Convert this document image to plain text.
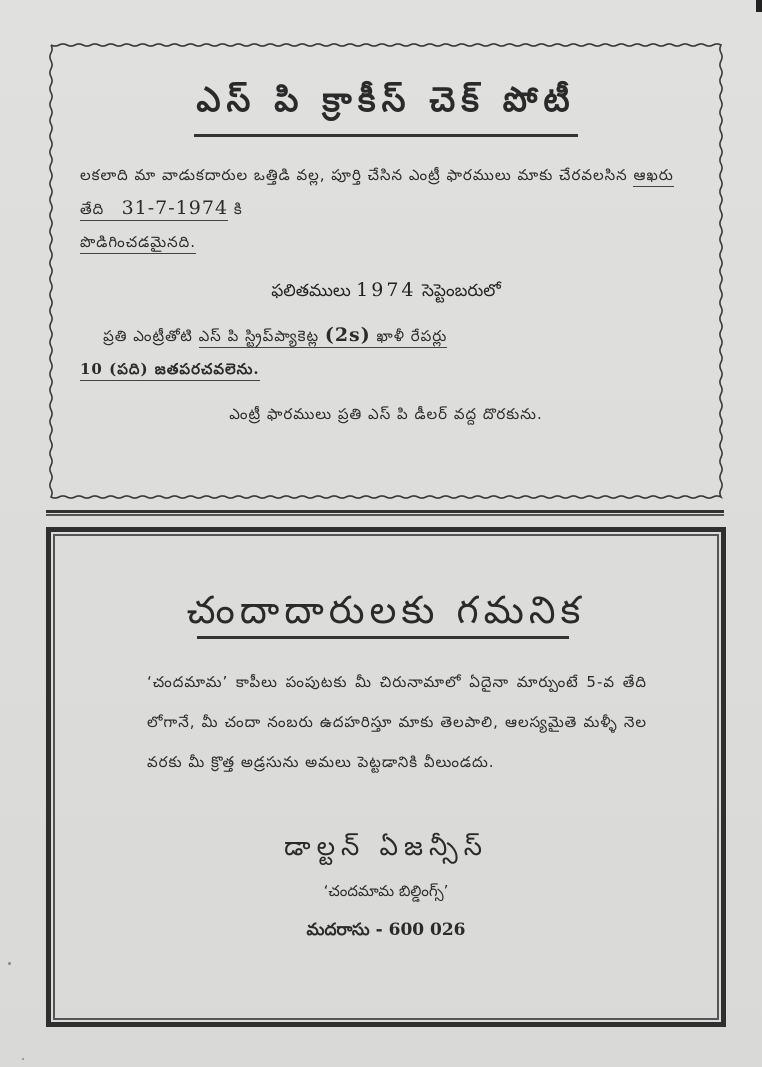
ఎస్ పి క్రాకీస్ చెక్ పోటీ
లకలాది మా వాడుకదారుల ఒత్తిడి వల్ల, పూర్తి చేసిన ఎంట్రీ ఫారములు మాకు చేరవలసిన ఆఖరు తేది 31-7-1974 కి
పొడిగించడమైనది.
ఫలితములు 1974 సెప్టెంబరులో
ప్రతి ఎంట్రీతోటి ఎస్ పి స్ట్రిప్‌ప్యాకెట్ల (2s) ఖాళీ రేపర్లు
10 (పది) జతపరచవలెను.
ఎంట్రీ ఫారములు ప్రతి ఎస్ పి డీలర్ వద్ద దొరకును.
చందాదారులకు గమనిక
‘చందమామ’ కాపీలు పంపుటకు మీ చిరునామాలో ఏదైనా మార్పుంటే 5-వ తేది లోగానే, మీ చందా నంబరు ఉదహరిస్తూ మాకు తెలపాలి, ఆలస్యమైతె మళ్ళీ నెల వరకు మీ క్రొత్త అడ్రసును అమలు పెట్టడానికి వీలుండదు.
డాల్టన్ ఏజన్సీస్
‘చందమామ బిల్డింగ్స్’
మదరాసు - 600 026
